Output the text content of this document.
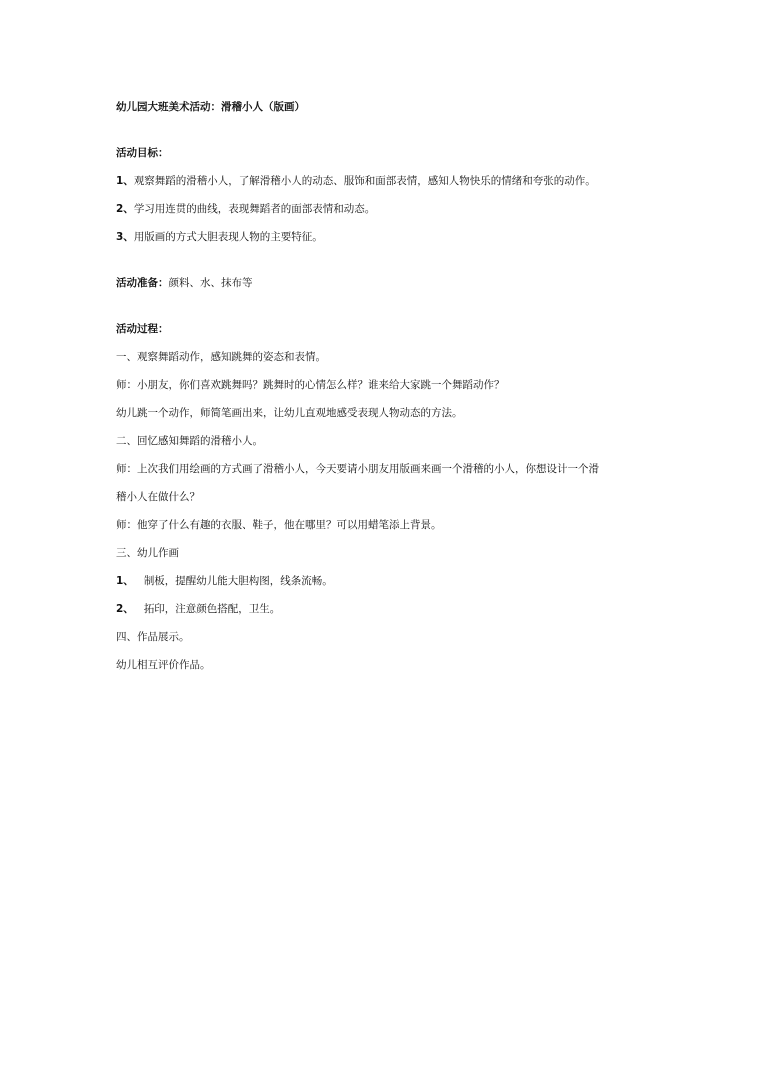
幼儿园大班美术活动：滑稽小人（版画）
活动目标：
1、观察舞蹈的滑稽小人，了解滑稽小人的动态、服饰和面部表情，感知人物快乐的情绪和夸张的动作。
2、学习用连贯的曲线，表现舞蹈者的面部表情和动态。
3、用版画的方式大胆表现人物的主要特征。
活动准备：颜料、水、抹布等
活动过程：
一、观察舞蹈动作，感知跳舞的姿态和表情。
师：小朋友，你们喜欢跳舞吗？跳舞时的心情怎么样？谁来给大家跳一个舞蹈动作？
幼儿跳一个动作，师简笔画出来，让幼儿直观地感受表现人物动态的方法。
二、回忆感知舞蹈的滑稽小人。
师：上次我们用绘画的方式画了滑稽小人，今天要请小朋友用版画来画一个滑稽的小人，你想设计一个滑
稽小人在做什么？
师：他穿了什么有趣的衣服、鞋子，他在哪里？可以用蜡笔添上背景。
三、幼儿作画
1、 制板，提醒幼儿能大胆构图，线条流畅。
2、 拓印，注意颜色搭配，卫生。
四、作品展示。
幼儿相互评价作品。
